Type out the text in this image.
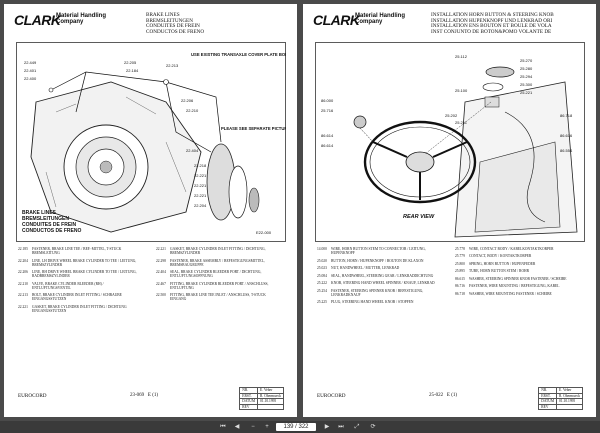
CLARK
Material Handling
Company
BRAKE LINES
BREMSLEITUNGEN
CONDUITES DE FREIN
CONDUCTOS DE FRENO
22.449
22.401
22.400
22.205
22.184
22.213
22.206
22.210
22.404
22.218
22.221
22.221
22.221
22.204
USE EXISTING TRANSAXLE COVER PLATE BOLT
PLEASE SEE SEPARATE PICTURE!
E22-000
BRAKE LINES
BREMSLEITUNGEN
CONDUITES DE FREIN
CONDUCTOS DE FRENO
22.185	FASTENER, BRAKE LINE TEE / BEF.-MITTEL, T-STUCK BREMSLEITUNG
22.204	LINE, LH DRIVE WHEEL BRAKE CYLINDER TO TEE / LEITUNG, BREMSZYLINDER
22.206	LINE, RH DRIVE WHEEL BRAKE CYLINDER TO TEE / LEITUNG, RADBREMSZYLINDER
22.210	VALVE, BRAKE CYLINDER BLEEDER (RH) / ENTLUFTUNGSVENTIL
22.213	BOLT, BRAKE CYLINDER INLET FITTING / SCHRAUBE EINGANGSSTUTZEN
22.221	GASKET, BRAKE CYLINDER INLET FITTING / DICHTUNG EINGANGSSTUTZEN
22.221	GASKET, BRAKE CYLINDER INLET FITTING / DICHTUNG, BREMSZYLINDER
22.298	FASTENER, BRAKE ASSEMBLY / BEFESTIGUNGSMITTEL, BREMSBAUGRUPPE
22.404	SEAL, BRAKE CYLINDER BLEEDER PORT / DICHTUNG, ENTLUFTUNGSOFFNUNG
22.467	FITTING, BRAKE CYLINDER BLEEDER PORT / ANSCHLUSS, ENTLUFTUNG
22.500	FITTING, BRAKE LINE TEE INLET / ANSCHLUSS, T-STUCK EINGANG
EUROCORD	23-069 E (1)
NR.	E. Veber
ERST.	R. Obermueck
DATUM	01.10.1995
REV	
CLARK
Material Handling
Company
INSTALLATION HORN BUTTON & STEERING KNOB
INSTALLATION HUPENKNOPF UND LENKRAD ORI
INSTALLATION ENS BOUTON ET BOULE DE VOLA
INST CONJUNTO DE BOTON&POMO VOLANTE DE
86.000
25.716
25.112
25.270
25.280
25.294
25.300
25.221
25.100
86.614
86.614
86.718
86.616
86.554
25.202
25.211
REAR VIEW
14.000	WIRE, HORN BUTTON STEM TO CONNECTOR / LEITUNG, HUPENKNOPF
25.020	BUTTON, HORN / HUPENKNOPF / BOUTON DE KLAXON
25.023	NUT, HANDWHEEL / MUTTER, LENKRAD
25.084	SEAL, HANDWHEEL, STEERING GEAR / LENKRADDICHTUNG
25.222	KNOB, STEERING HAND WHEEL SPINNER / KNAUF, LENKRAD
25.254	FASTENER, STEERING SPINNER KNOB / BEFESTIGUNG, LENKRADKNAUF
25.225	PLUG, STEERING HAND WHEEL KNOB / STOPFEN
25.778	WIRE, CONTACT BODY / KABELKONTAKTKORPER
25.779	CONTACT, BODY / KONTAKTKORPER
25.800	SPRING, HORN BUTTON / HUPENFEDER
25.895	TUBE, HORN BUTTON STEM / ROHR
86.615	WASHER, STEERING SPINNER KNOB FASTENER / SCHEIBE
86.716	FASTENER, WIRE MOUNTING / BEFESTIGUNG, KABEL
86.718	WASHER, WIRE MOUNTING FASTENER / SCHEIBE
EUROCORD	25-022 E (1)
NR.	E. Veber
ERST.	R. Obermueck
DATUM	01.10.1995
REV	
⏮	◀	−	+	139 / 322	▶	⏭	⤢	⟳
